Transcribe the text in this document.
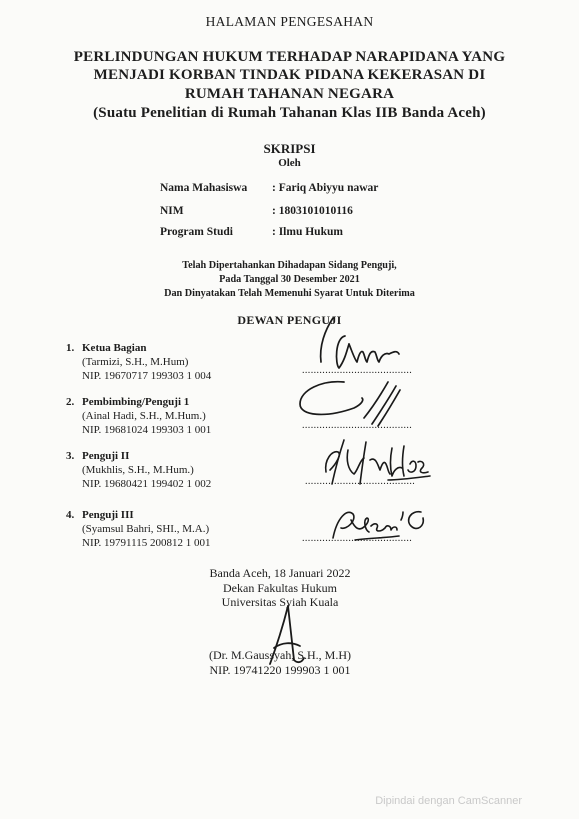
HALAMAN PENGESAHAN
PERLINDUNGAN HUKUM TERHADAP NARAPIDANA YANG
MENJADI KORBAN TINDAK PIDANA KEKERASAN DI
RUMAH TAHANAN NEGARA
(Suatu Penelitian di Rumah Tahanan Klas IIB Banda Aceh)
SKRIPSI
Oleh
Nama Mahasiswa	: Fariq Abiyyu nawar
NIM	: 1803101010116
Program Studi	: Ilmu Hukum
Telah Dipertahankan Dihadapan Sidang Penguji,
Pada Tanggal 30 Desember 2021
Dan Dinyatakan Telah Memenuhi Syarat Untuk Diterima
DEWAN PENGUJI
1. Ketua Bagian
(Tarmizi, S.H., M.Hum)
NIP. 19670717 199303 1 004
2. Pembimbing/Penguji 1
(Ainal Hadi, S.H., M.Hum.)
NIP. 19681024 199303 1 001
3. Penguji II
(Mukhlis, S.H., M.Hum.)
NIP. 19680421 199402 1 002
4. Penguji III
(Syamsul Bahri, SHI., M.A.)
NIP. 19791115 200812 1 001
......................................
......................................
......................................
......................................
Banda Aceh, 18 Januari 2022
Dekan Fakultas Hukum
Universitas Syiah Kuala
(Dr. M.Gaussyah, S.H., M.H)
NIP. 19741220 199903 1 001
Dipindai dengan CamScanner
